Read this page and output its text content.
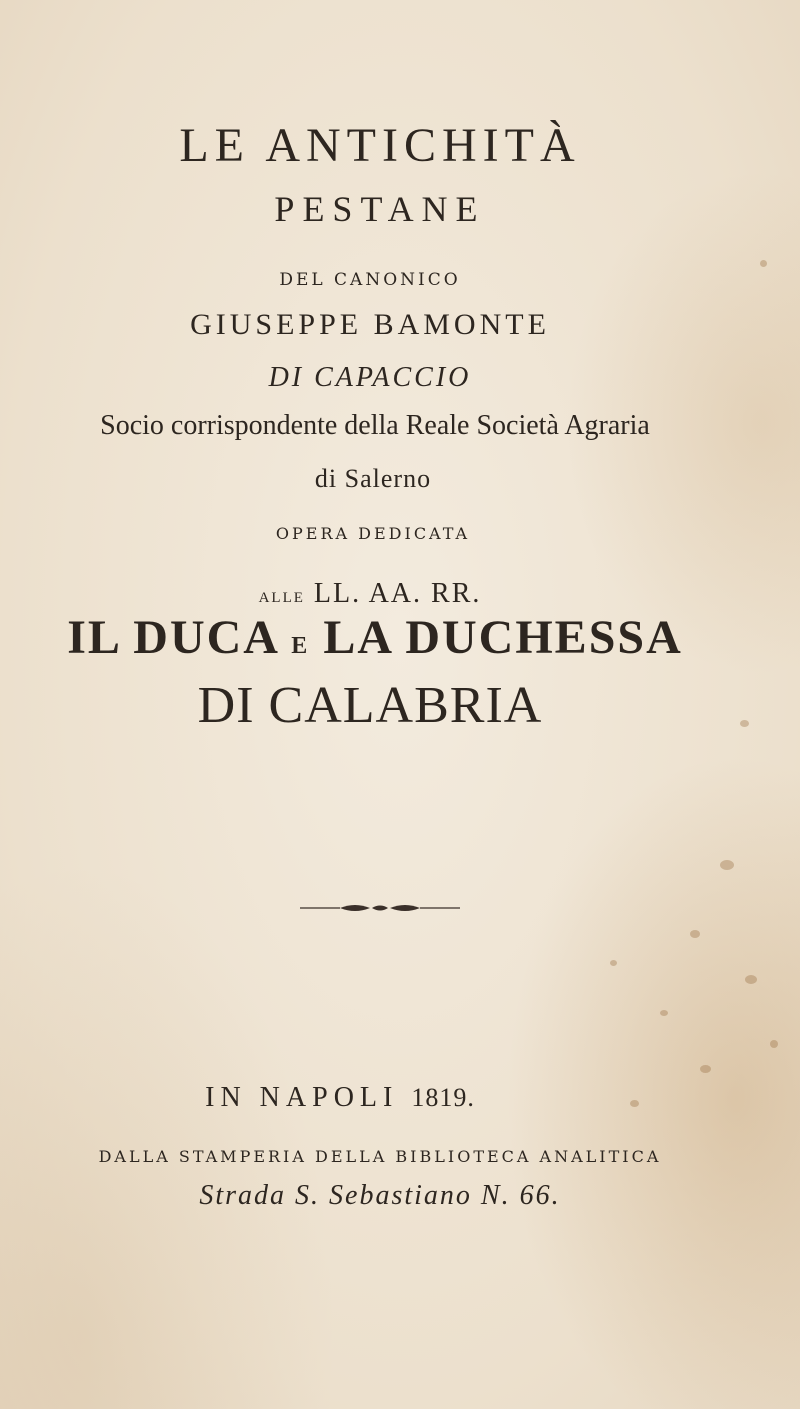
LE ANTICHITÀ
PESTANE
DEL CANONICO
GIUSEPPE BAMONTE
DI CAPACCIO
Socio corrispondente della Reale Società Agraria
di Salerno
OPERA DEDICATA
ALLE LL. AA. RR.
IL DUCA E LA DUCHESSA
DI CALABRIA
IN NAPOLI 1819.
DALLA STAMPERIA DELLA BIBLIOTECA ANALITICA
Strada S. Sebastiano N. 66.
